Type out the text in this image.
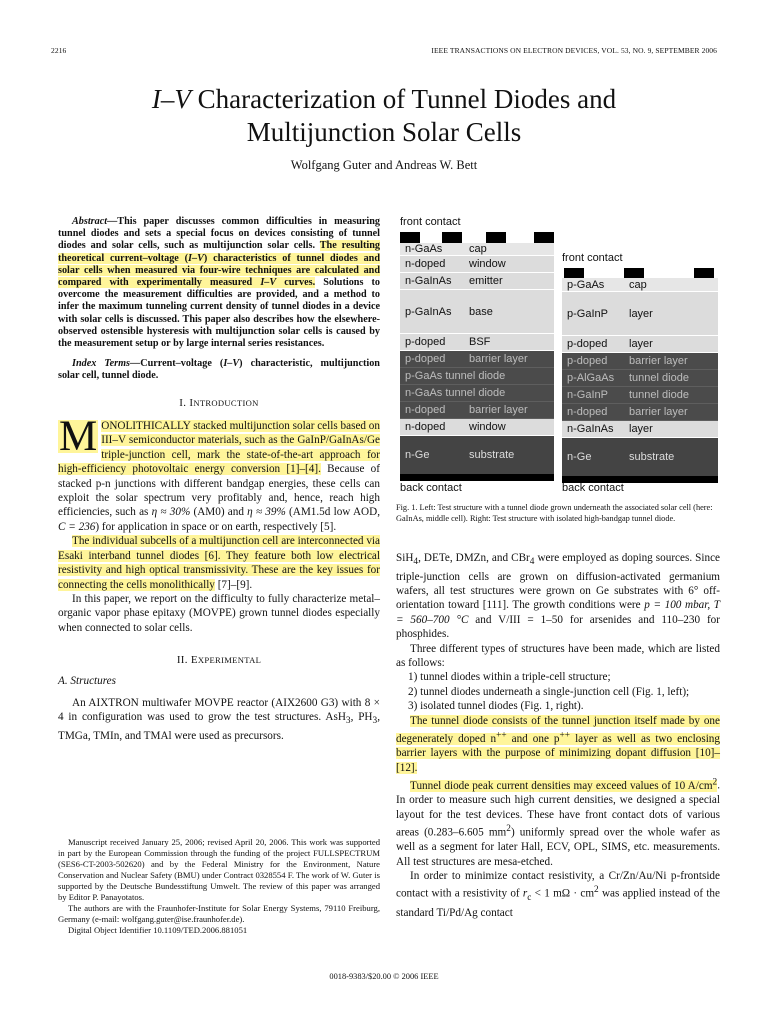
2216	IEEE TRANSACTIONS ON ELECTRON DEVICES, VOL. 53, NO. 9, SEPTEMBER 2006
I–V Characterization of Tunnel Diodes and
Multijunction Solar Cells
Wolfgang Guter and Andreas W. Bett

Abstract—This paper discusses common difficulties in measuring tunnel diodes and sets a special focus on devices consisting of tunnel diodes and solar cells, such as multijunction solar cells. The resulting theoretical current–voltage (I–V) characteristics of tunnel diodes and solar cells when measured via four-wire techniques are calculated and compared with experimentally measured I–V curves. Solutions to overcome the measurement difficulties are provided, and a method to infer the maximum tunneling current density of tunnel diodes in a device with solar cells is discussed. This paper also describes how the elsewhere-observed ostensible hysteresis with multijunction solar cells is caused by the measurement setup or by large internal series resistances.

Index Terms—Current–voltage (I–V) characteristic, multijunction solar cell, tunnel diode.

I. INTRODUCTION

M ONOLITHICALLY stacked multijunction solar cells based on III–V semiconductor materials, such as the GaInP/GaInAs/Ge triple-junction cell, mark the state-of-the-art approach for high-efficiency photovoltaic energy conversion [1]–[4]. Because of stacked p-n junctions with different bandgap energies, these cells can exploit the solar spectrum very profitably and, hence, reach high efficiencies, such as η ≈ 30% (AM0) and η ≈ 39% (AM1.5d low AOD, C = 236) for application in space or on earth, respectively [5].

The individual subcells of a multijunction cell are interconnected via Esaki interband tunnel diodes [6]. They feature both low electrical resistivity and high optical transmissivity. These are the key issues for connecting the cells monolithically [7]–[9].

In this paper, we report on the difficulty to fully characterize metal–organic vapor phase epitaxy (MOVPE) grown tunnel diodes especially when connected to solar cells.

II. EXPERIMENTAL
A. Structures

An AIXTRON multiwafer MOVPE reactor (AIX2600 G3) with 8 × 4 in configuration was used to grow the test structures. AsH$_3$, $PH_3$, TMGa, TMIn, and TMAl were used as precursors.

Manuscript received January 25, 2006; revised April 20, 2006. This work was supported in part by the European Commission through the funding of the project FULLSPECTRUM (SES6-CT-2003-502620) and by the Federal Ministry for the Environment, Nature Conservation and Nuclear Safety (BMU) under Contract 0328554 F. The work of W. Guter is supported by the Deutsche Bundesstiftung Umwelt. The review of this paper was arranged by Editor P. Panayotatos.

The authors are with the Fraunhofer-Institute for Solar Energy Systems, 79110 Freiburg, Germany (e-mail: wolfgang.guter@ise.fraunhofer.de).

Digital Object Identifier 10.1109/TED.2006.881051

front contact
front contact
n-GaAs cap
n-doped window
n-GaInAs emitter
p-GaInAs base
p-doped BSF
p-doped barrier layer
p-GaAs tunnel diode
n-GaAs tunnel diode
n-doped barrier layer
n-doped window
n-Ge	substrate
p-GaAs cap
p-GaInP layer
p-doped layer
p-doped barrier layer
p-AlGaAs tunnel diode
n-GaInP tunnel diode
n-doped barrier layer
n-GaInAs layer
n-Ge	substrate
back contact	back contact
Fig. 1. Left: Test structure with a tunnel diode grown underneath the associated solar cell (here: GaInAs, middle cell). Right: Test structure with isolated high-bandgap tunnel diode.

SiH$_4$, DETe, DMZn, and CBr$_4$ were employed as doping sources. Since triple-junction cells are grown on diffusion-activated germanium wafers, all test structures were grown on Ge substrates with 6° off-orientation toward [111]. The growth conditions were p = 100 mbar, T = 560–700 °C and V/III = 1–50 for arsenides and 110–230 for phosphides.

Three different types of structures have been made, which are listed as follows:

1) tunnel diodes within a triple-cell structure;
2) tunnel diodes underneath a single-junction cell (Fig. 1, left);
3) isolated tunnel diodes (Fig. 1, right).

The tunnel diode consists of the tunnel junction itself made by one degenerately doped n++ and one p++ layer as well as two enclosing barrier layers with the purpose of minimizing dopant diffusion [10]–[12].

Tunnel diode peak current densities may exceed values of 10 $A/cm^2$. In order to measure such high current densities, we designed a special layout for the test devices. These have front contact dots of various areas (0.283–6.605 $mm^2$) uniformly spread over the whole wafer as well as a segment for later Hall, ECV, OPL, SIMS, etc. measurements. All test structures are mesa-etched.

In order to minimize contact resistivity, a Cr/Zn/Au/Ni p-frontside contact with a resistivity of $r_c < 1$ $m\Omega \cdot cm^2$ was applied instead of the standard Ti/Pd/Ag contact

0018-9383/$20.00 © 2006 IEEE
